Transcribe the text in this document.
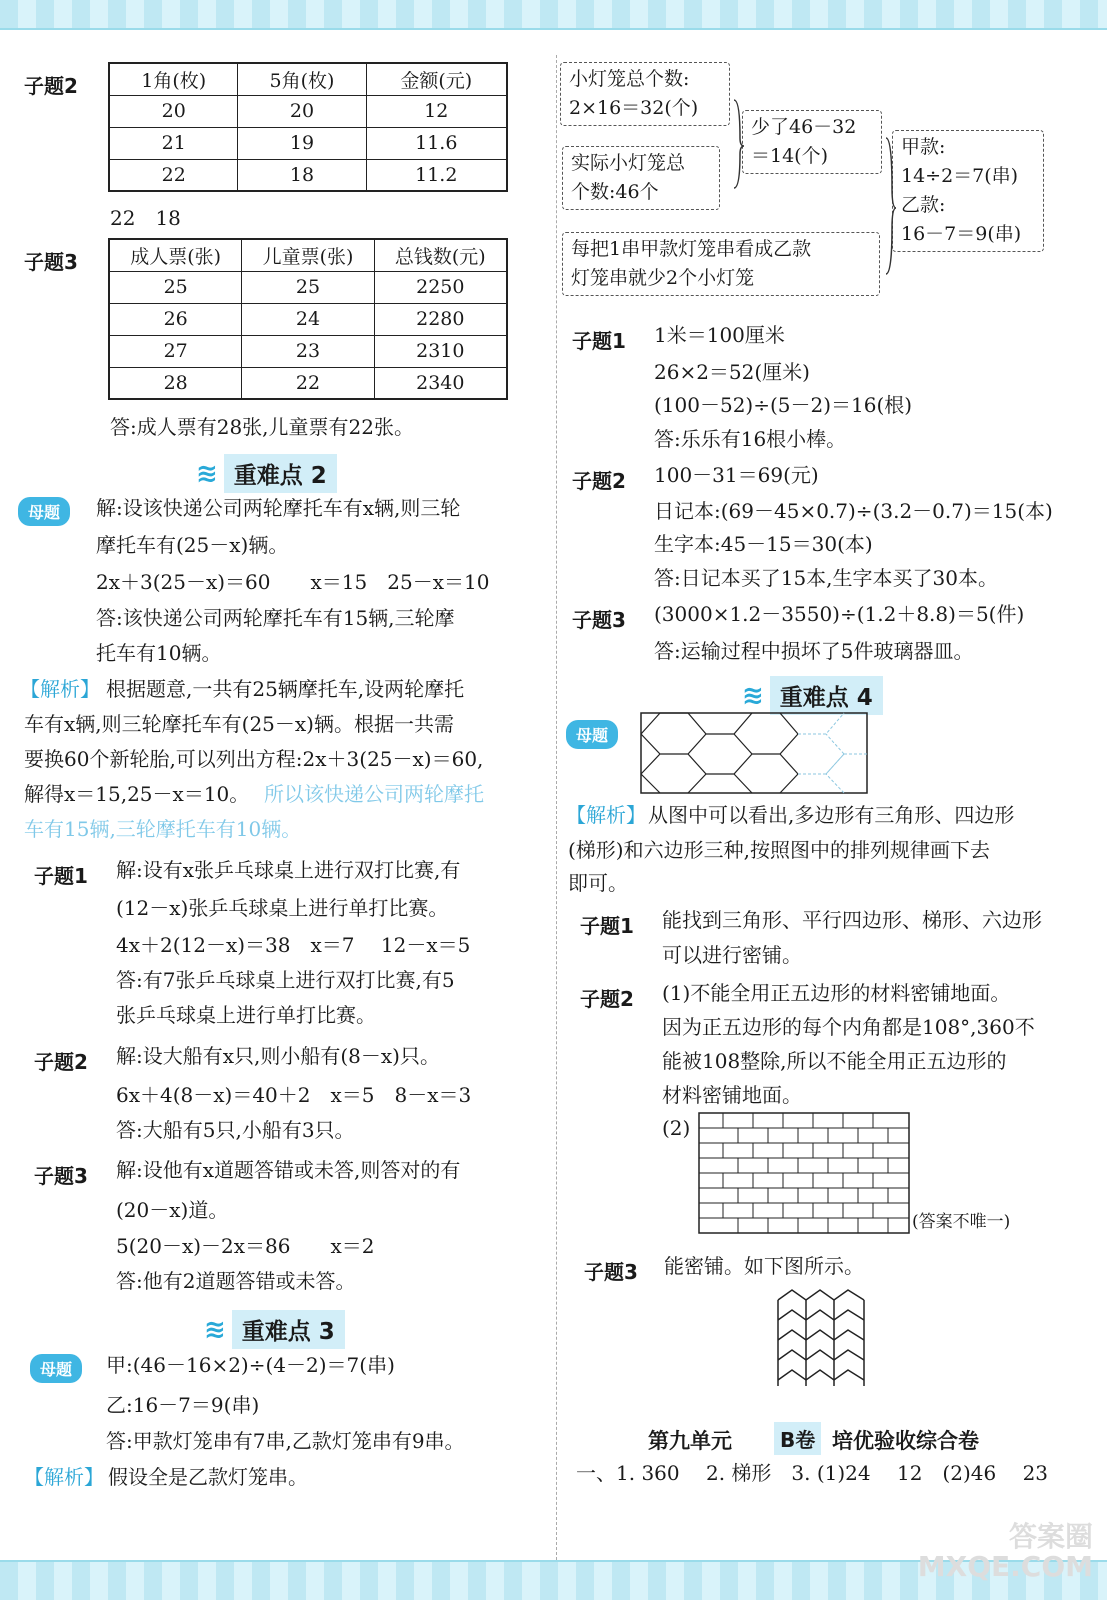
子题2	1角(枚)	5角(枚)	金额(元)
20	20	12
21	19	11.6
22	18	11.2
22　18
子题3	成人票(张)	儿童票(张)	总钱数(元)
25	25	2250
26	24	2280
27	23	2310
28	22	2340
答:成人票有28张,儿童票有22张。
≋ 重难点 2
母题	解:设该快递公司两轮摩托车有x辆,则三轮
摩托车有(25－x)辆。
2x＋3(25－x)＝60　　x＝15　25－x＝10
答:该快递公司两轮摩托车有15辆,三轮摩
托车有10辆。
【解析】 根据题意,一共有25辆摩托车,设两轮摩托
车有x辆,则三轮摩托车有(25－x)辆。根据一共需
要换60个新轮胎,可以列出方程:2x＋3(25－x)＝60,
解得x＝15,25－x＝10。 所以该快递公司两轮摩托
车有15辆,三轮摩托车有10辆。
子题1 解:设有x张乒乓球桌上进行双打比赛,有
(12－x)张乒乓球桌上进行单打比赛。
4x＋2(12－x)＝38　x＝7　 12－x＝5
答:有7张乒乓球桌上进行双打比赛,有5
张乒乓球桌上进行单打比赛。
子题2 解:设大船有x只,则小船有(8－x)只。
6x＋4(8－x)＝40＋2　x＝5　8－x＝3
答:大船有5只,小船有3只。
子题3 解:设他有x道题答错或未答,则答对的有
(20－x)道。
5(20－x)－2x＝86　　x＝2
答:他有2道题答错或未答。
≋ 重难点 3
母题	甲:(46－16×2)÷(4－2)＝7(串)
乙:16－7＝9(串)
答:甲款灯笼串有7串,乙款灯笼串有9串。
【解析】 假设全是乙款灯笼串。
小灯笼总个数:
2×16＝32(个)
实际小灯笼总
个数:46个
少了46－32
＝14(个)	甲款:
14÷2＝7(串)
乙款:
16－7＝9(串)
每把1串甲款灯笼串看成乙款
灯笼串就少2个小灯笼
子题1 1米＝100厘米
26×2＝52(厘米)
(100－52)÷(5－2)＝16(根)
答:乐乐有16根小棒。
子题2 100－31＝69(元)
日记本:(69－45×0.7)÷(3.2－0.7)＝15(本)
生字本:45－15＝30(本)
答:日记本买了15本,生字本买了30本。
子题3 (3000×1.2－3550)÷(1.2＋8.8)＝5(件)
答:运输过程中损坏了5件玻璃器皿。
≋ 重难点 4
母题
【解析】 从图中可以看出,多边形有三角形、四边形
(梯形)和六边形三种,按照图中的排列规律画下去
即可。
子题1 能找到三角形、平行四边形、梯形、六边形
可以进行密铺。
子题2 (1)不能全用正五边形的材料密铺地面。
因为正五边形的每个内角都是108°,360不
能被108整除,所以不能全用正五边形的
材料密铺地面。
(2)
(答案不唯一)
子题3 能密铺。如下图所示。
第九单元	B卷 培优验收综合卷
一、1. 360　 2. 梯形　3. (1)24　 12　(2)46　 23
答案圈
MXQE.COM
